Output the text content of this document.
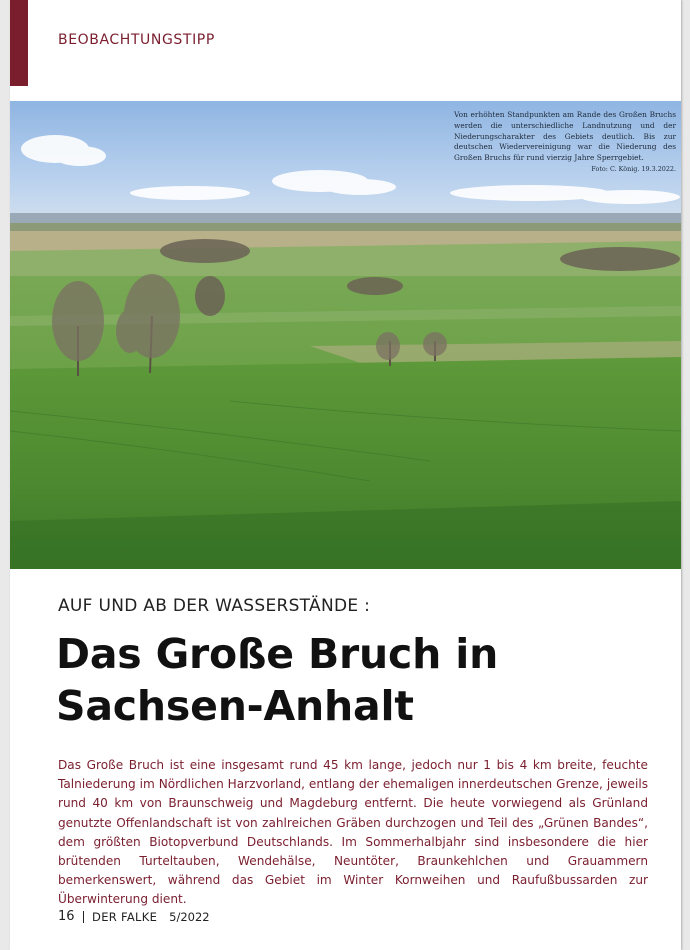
BEOBACHTUNGSTIPP
Von erhöhten Standpunkten am Rande des Großen Bruchs werden die unterschiedliche Landnutzung und der Niederungscharakter des Gebiets deutlich. Bis zur deutschen Wiedervereinigung war die Niederung des Großen Bruchs für rund vierzig Jahre Sperrgebiet.
Foto: C. König. 19.3.2022.
AUF UND AB DER WASSERSTÄNDE :
Das Große Bruch in
Sachsen-Anhalt

Das Große Bruch ist eine insgesamt rund 45 km lange, jedoch nur 1 bis 4 km breite, feuchte Talniederung im Nördlichen Harzvorland, entlang der ehemaligen innerdeutschen Grenze, jeweils rund 40 km von Braunschweig und Magdeburg entfernt. Die heute vorwiegend als Grünland genutzte Offenlandschaft ist von zahlreichen Gräben durchzogen und Teil des „Grünen Bandes“, dem größten Biotopverbund Deutschlands. Im Sommerhalbjahr sind insbesondere die hier brütenden Turteltauben, Wendehälse, Neuntöter, Braunkehlchen und Grauammern bemerkenswert, während das Gebiet im Winter Kornweihen und Raufußbussarden zur Überwinterung dient.

16 DER FALKE 5/2022
